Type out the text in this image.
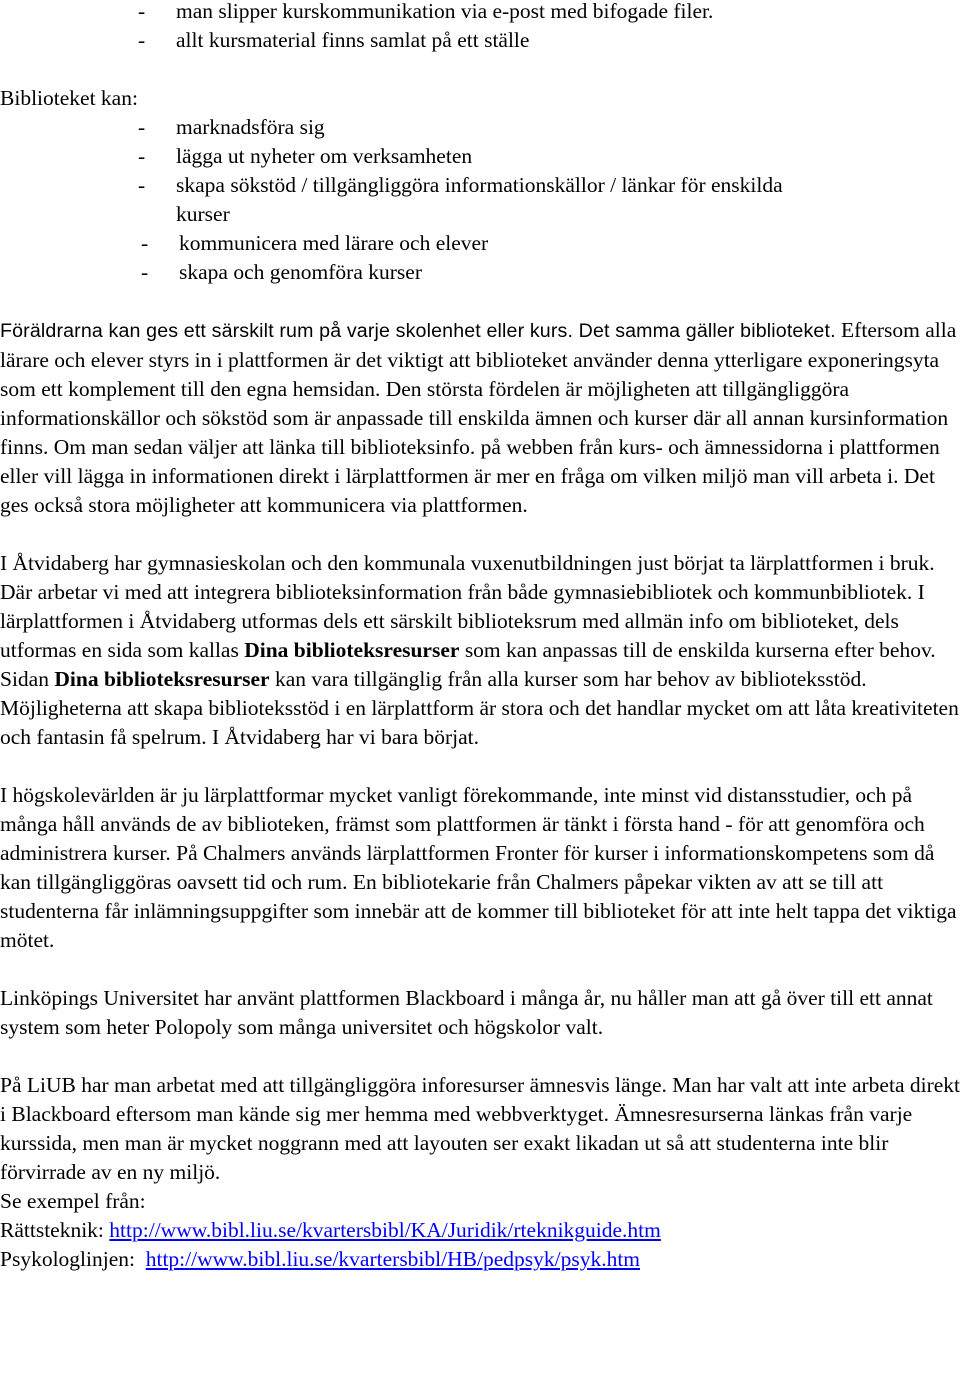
- man slipper kurskommunikation via e-post med bifogade filer.
- allt kursmaterial finns samlat på ett ställe
Biblioteket kan:
- marknadsföra sig
- lägga ut nyheter om verksamheten
- skapa sökstöd / tillgängliggöra informationskällor / länkar för enskilda kurser
- kommunicera med lärare och elever
- skapa och genomföra kurser

Föräldrarna kan ges ett särskilt rum på varje skolenhet eller kurs. Det samma gäller biblioteket. Eftersom alla lärare och elever styrs in i plattformen är det viktigt att biblioteket använder denna ytterligare exponeringsyta som ett komplement till den egna hemsidan. Den största fördelen är möjligheten att tillgängliggöra informationskällor och sökstöd som är anpassade till enskilda ämnen och kurser där all annan kursinformation finns. Om man sedan väljer att länka till biblioteksinfo. på webben från kurs- och ämnessidorna i plattformen eller vill lägga in informationen direkt i lärplattformen är mer en fråga om vilken miljö man vill arbeta i. Det ges också stora möjligheter att kommunicera via plattformen.

I Åtvidaberg har gymnasieskolan och den kommunala vuxenutbildningen just börjat ta lärplattformen i bruk. Där arbetar vi med att integrera biblioteksinformation från både gymnasiebibliotek och kommunbibliotek. I lärplattformen i Åtvidaberg utformas dels ett särskilt biblioteksrum med allmän info om biblioteket, dels utformas en sida som kallas Dina biblioteksresurser som kan anpassas till de enskilda kurserna efter behov. Sidan Dina biblioteksresurser kan vara tillgänglig från alla kurser som har behov av biblioteksstöd. Möjligheterna att skapa biblioteksstöd i en lärplattform är stora och det handlar mycket om att låta kreativiteten och fantasin få spelrum. I Åtvidaberg har vi bara börjat.

I högskolevärlden är ju lärplattformar mycket vanligt förekommande, inte minst vid distansstudier, och på många håll används de av biblioteken, främst som plattformen är tänkt i första hand - för att genomföra och administrera kurser. På Chalmers används lärplattformen Fronter för kurser i informationskompetens som då kan tillgängliggöras oavsett tid och rum. En bibliotekarie från Chalmers påpekar vikten av att se till att studenterna får inlämningsuppgifter som innebär att de kommer till biblioteket för att inte helt tappa det viktiga mötet.

Linköpings Universitet har använt plattformen Blackboard i många år, nu håller man att gå över till ett annat system som heter Polopoly som många universitet och högskolor valt.

På LiUB har man arbetat med att tillgängliggöra inforesurser ämnesvis länge. Man har valt att inte arbeta direkt i Blackboard eftersom man kände sig mer hemma med webbverktyget. Ämnesresurserna länkas från varje kurssida, men man är mycket noggrann med att layouten ser exakt likadan ut så att studenterna inte blir förvirrade av en ny miljö.

Se exempel från:
Rättsteknik: http://www.bibl.liu.se/kvartersbibl/KA/Juridik/rteknikguide.htm
Psykologlinjen:  http://www.bibl.liu.se/kvartersbibl/HB/pedpsyk/psyk.htm
